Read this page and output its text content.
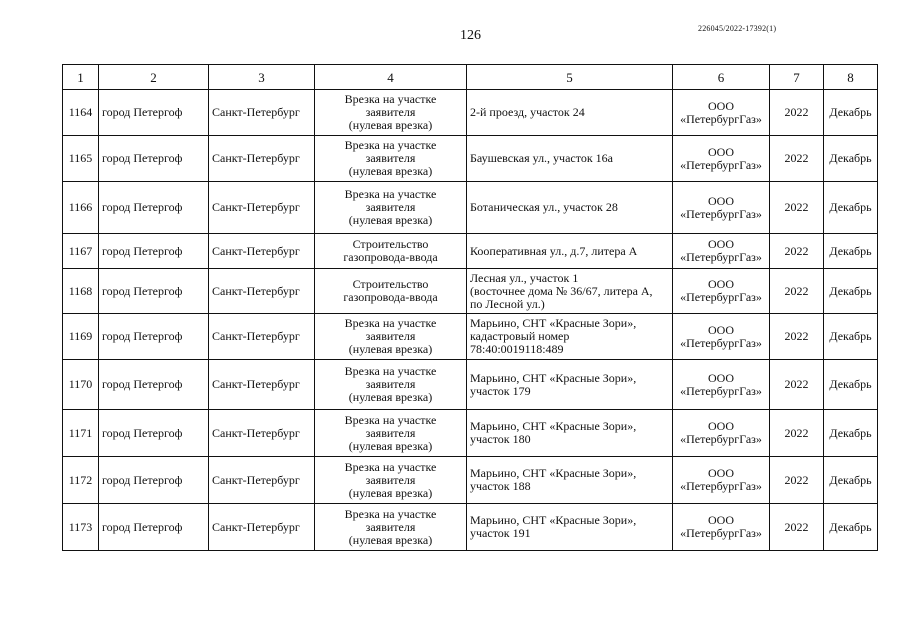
126	226045/2022-17392(1)
1	2	3	4	5	6	7	8
1164	город Петергоф	Санкт-Петербург	Врезка на участке
заявителя
(нулевая врезка)	2-й проезд, участок 24	ООО
«ПетербургГаз»	2022	Декабрь
1165	город Петергоф	Санкт-Петербург	Врезка на участке
заявителя
(нулевая врезка)	Баушевская ул., участок 16а	ООО
«ПетербургГаз»	2022	Декабрь
1166	город Петергоф	Санкт-Петербург	Врезка на участке
заявителя
(нулевая врезка)	Ботаническая ул., участок 28	ООО
«ПетербургГаз»	2022	Декабрь
1167	город Петергоф	Санкт-Петербург	Строительство
газопровода-ввода	Кооперативная ул., д.7, литера А	ООО
«ПетербургГаз»	2022	Декабрь
1168	город Петергоф	Санкт-Петербург	Строительство
газопровода-ввода	Лесная ул., участок 1
(восточнее дома № 36/67, литера А,
по Лесной ул.)	ООО
«ПетербургГаз»	2022	Декабрь
1169	город Петергоф	Санкт-Петербург	Врезка на участке
заявителя
(нулевая врезка)	Марьино, СНТ «Красные Зори»,
кадастровый номер
78:40:0019118:489	ООО
«ПетербургГаз»	2022	Декабрь
1170	город Петергоф	Санкт-Петербург	Врезка на участке
заявителя
(нулевая врезка)	Марьино, СНТ «Красные Зори»,
участок 179	ООО
«ПетербургГаз»	2022	Декабрь
1171	город Петергоф	Санкт-Петербург	Врезка на участке
заявителя
(нулевая врезка)	Марьино, СНТ «Красные Зори»,
участок 180	ООО
«ПетербургГаз»	2022	Декабрь
1172	город Петергоф	Санкт-Петербург	Врезка на участке
заявителя
(нулевая врезка)	Марьино, СНТ «Красные Зори»,
участок 188	ООО
«ПетербургГаз»	2022	Декабрь
1173	город Петергоф	Санкт-Петербург	Врезка на участке
заявителя
(нулевая врезка)	Марьино, СНТ «Красные Зори»,
участок 191	ООО
«ПетербургГаз»	2022	Декабрь
